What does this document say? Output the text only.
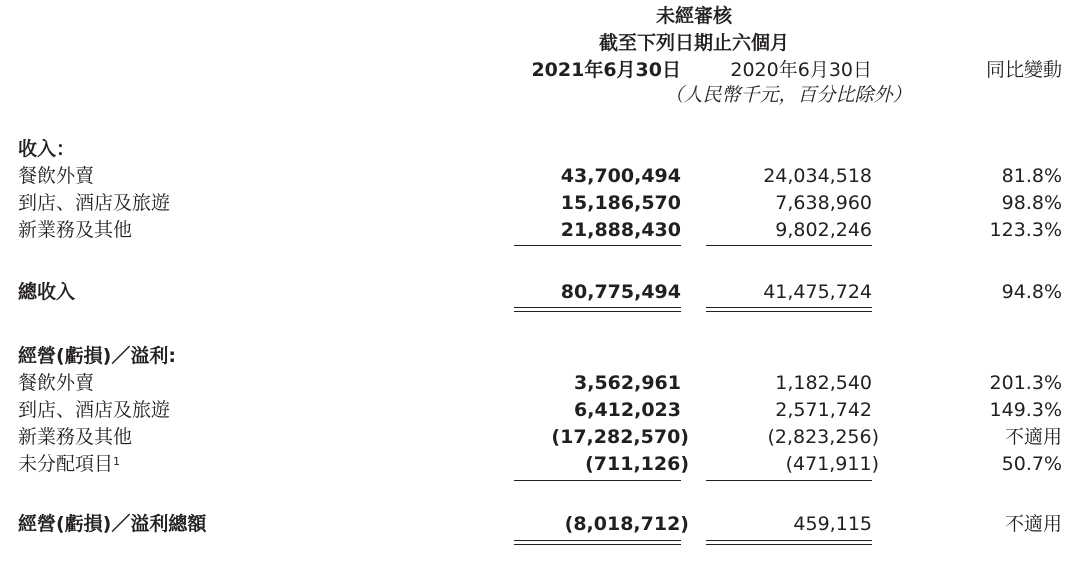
未經審核
截至下列日期止六個月
2021年6月30日	2020年6月30日	同比變動
（人民幣千元，百分比除外）
收入：
餐飲外賣	43,700,494	24,034,518	81.8%
到店、酒店及旅遊	15,186,570	7,638,960	98.8%
新業務及其他	21,888,430	9,802,246	123.3%
總收入	80,775,494	41,475,724	94.8%
經營(虧損)／溢利:
餐飲外賣	3,562,961	1,182,540	201.3%
到店、酒店及旅遊	6,412,023	2,571,742	149.3%
新業務及其他	(17,282,570)	(2,823,256)	不適用
未分配項目$^1$	(711,126)	(471,911)	50.7%
經營(虧損)／溢利總額	(8,018,712)	459,115	不適用
